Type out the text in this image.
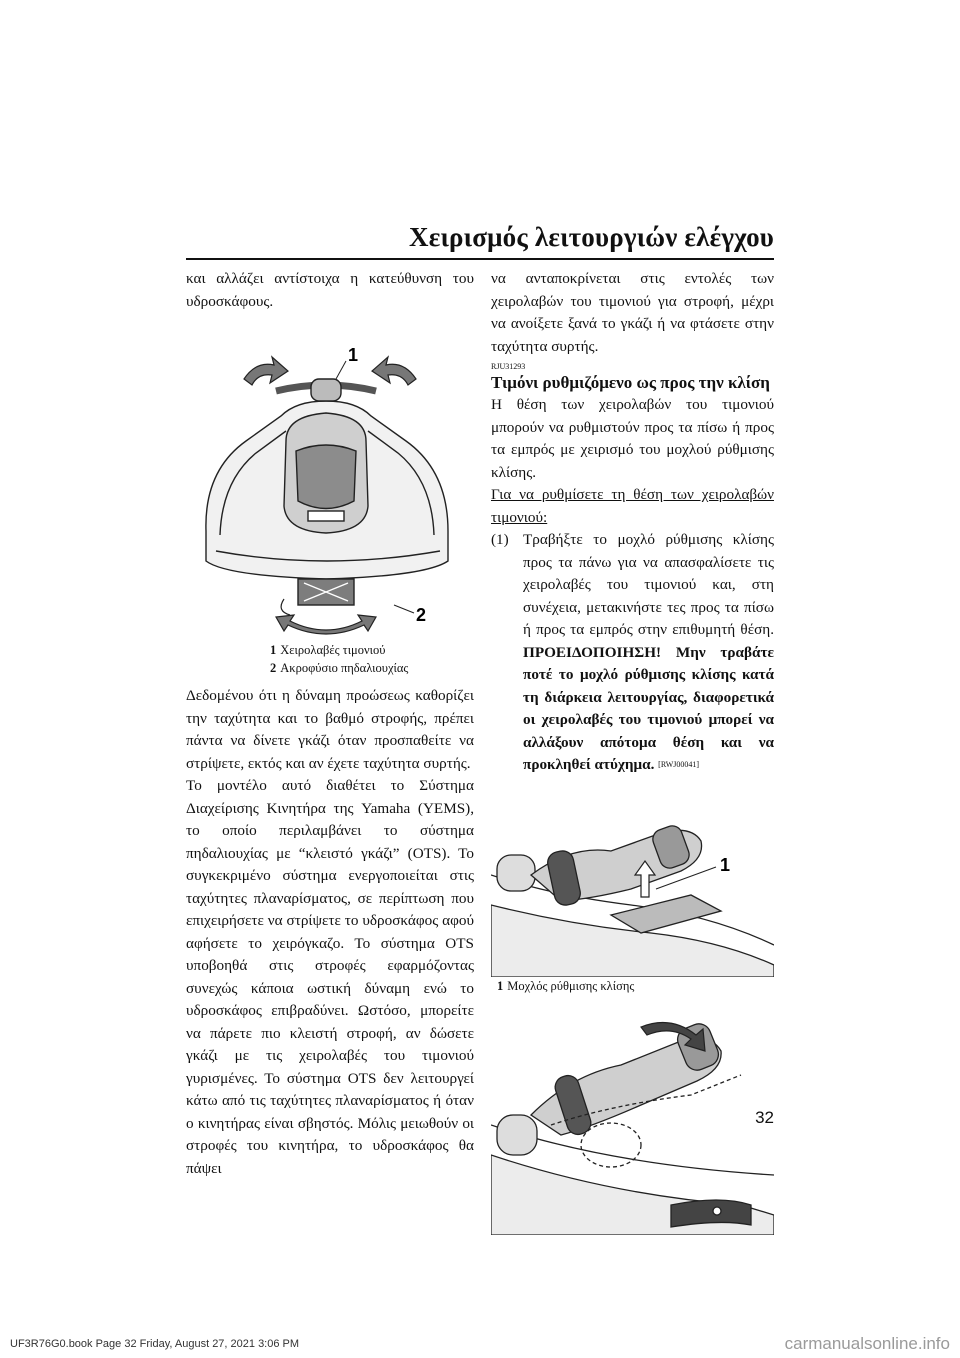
Χειρισμός λειτουργιών ελέγχου

και αλλάζει αντίστοιχα η κατεύθυνση του υδροσκάφους.

1
2

1 Χειρολαβές τιμονιού

2 Ακροφύσιο πηδαλιουχίας

Δεδομένου ότι η δύναμη προώσεως καθορίζει την ταχύτητα και το βαθμό στροφής, πρέπει πάντα να δίνετε γκάζι όταν προσπαθείτε να στρίψετε, εκτός και αν έχετε ταχύτητα συρτής.

Το μοντέλο αυτό διαθέτει το Σύστημα Διαχείρισης Κινητήρα της Yamaha (YEMS), το οποίο περιλαμβάνει το σύστημα πηδαλιουχίας με “κλειστό γκάζι” (OTS). Το συγκεκριμένο σύστημα ενεργοποιείται στις ταχύτητες πλαναρίσματος, σε περίπτωση που επιχειρήσετε να στρίψετε το υδροσκάφος αφού αφήσετε το χειρόγκαζο. Το σύστημα OTS υποβοηθά στις στροφές εφαρμόζοντας συνεχώς κάποια ωστική δύναμη ενώ το υδροσκάφος επιβραδύνει. Ωστόσο, μπορείτε να πάρετε πιο κλειστή στροφή, αν δώσετε γκάζι με τις χειρολαβές του τιμονιού γυρισμένες. Το σύστημα OTS δεν λειτουργεί κάτω από τις ταχύτητες πλαναρίσματος ή όταν ο κινητήρας είναι σβηστός. Μόλις μειωθούν οι στροφές του κινητήρα, το υδροσκάφος θα πάψει

να ανταποκρίνεται στις εντολές των χειρολαβών του τιμονιού για στροφή, μέχρι να ανοίξετε ξανά το γκάζι ή να φτάσετε στην ταχύτητα συρτής.

RJU31293

Τιμόνι ρυθμιζόμενο ως προς την κλίση

Η θέση των χειρολαβών του τιμονιού μπορούν να ρυθμιστούν προς τα πίσω ή προς τα εμπρός με χειρισμό του μοχλού ρύθμισης κλίσης.

Για να ρυθμίσετε τη θέση των χειρολαβών τιμονιού:

(1) Τραβήξτε το μοχλό ρύθμισης κλίσης προς τα πάνω για να απασφαλίσετε τις χειρολαβές του τιμονιού και, στη συνέχεια, μετακινήστε τες προς τα πίσω ή προς τα εμπρός στην επιθυμητή θέση. ΠΡΟΕΙΔΟΠΟΙΗΣΗ! Μην τραβάτε ποτέ το μοχλό ρύθμισης κλίσης κατά τη διάρκεια λειτουργίας, διαφορετικά οι χειρολαβές του τιμονιού μπορεί να αλλάξουν απότομα θέση και να προκληθεί ατύχημα. [RWJ00041]
1

1 Μοχλός ρύθμισης κλίσης

32
UF3R76G0.book Page 32 Friday, August 27, 2021 3:06 PM	carmanualsonline.info
